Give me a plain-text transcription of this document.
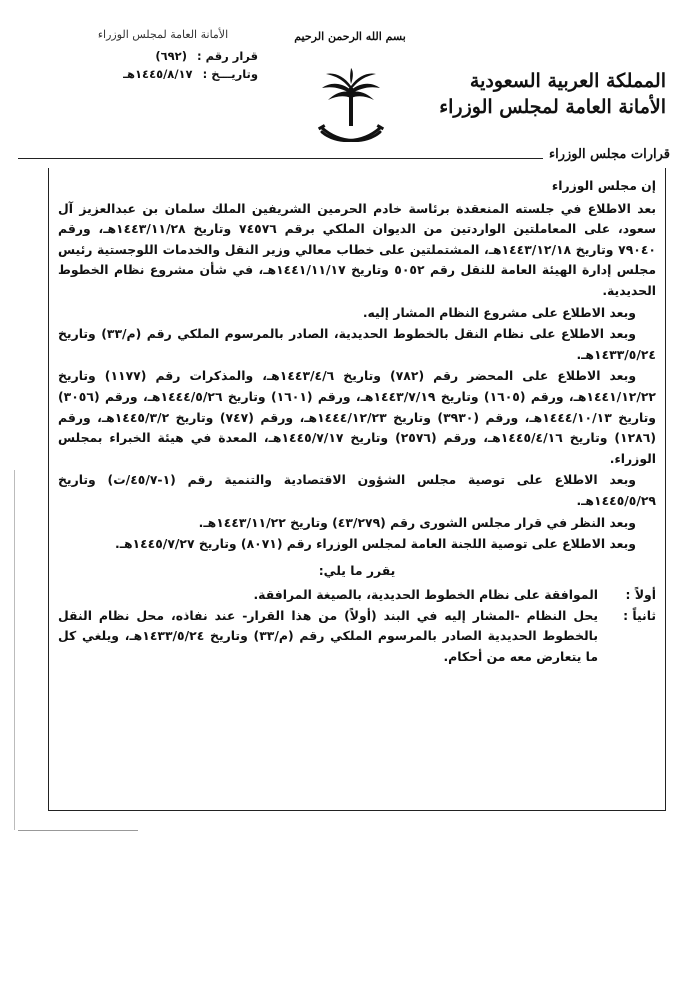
الأمانة العامة لمجلس الوزراء
قرار رقم : (٦٩٢)
وتاريـــخ : ١٤٤٥/٨/١٧هـ
بسم الله الرحمن الرحيم
المملكة العربية السعودية
الأمانة العامة لمجلس الوزراء
قرارات مجلس الوزراء

إن مجلس الوزراء

بعد الاطلاع في جلسته المنعقدة برئاسة خادم الحرمين الشريفين الملك سلمان بن عبدالعزيز آل سعود، على المعاملتين الواردتين من الديوان الملكي برقم ٧٤٥٧٦ وتاريخ ١٤٤٣/١١/٢٨هـ، ورقم ٧٩٠٤٠ وتاريخ ١٤٤٣/١٢/١٨هـ، المشتملتين على خطاب معالي وزير النقل والخدمات اللوجستية رئيس مجلس إدارة الهيئة العامة للنقل رقم ٥٠٥٢ وتاريخ ١٤٤١/١١/١٧هـ، في شأن مشروع نظام الخطوط الحديدية.

وبعد الاطلاع على مشروع النظام المشار إليه.

وبعد الاطلاع على نظام النقل بالخطوط الحديدية، الصادر بالمرسوم الملكي رقم (م/٣٣) وتاريخ ١٤٣٣/٥/٢٤هـ.

وبعد الاطلاع على المحضر رقم (٧٨٢) وتاريخ ١٤٤٣/٤/٦هـ، والمذكرات رقم (١١٧٧) وتاريخ ١٤٤١/١٢/٢٢هـ، ورقم (١٦٠٥) وتاريخ ١٤٤٣/٧/١٩هـ، ورقم (١٦٠١) وتاريخ ١٤٤٤/٥/٢٦هـ، ورقم (٣٠٥٦) وتاريخ ١٤٤٤/١٠/١٣هـ، ورقم (٣٩٣٠) وتاريخ ١٤٤٤/١٢/٢٣هـ، ورقم (٧٤٧) وتاريخ ١٤٤٥/٣/٢هـ، ورقم (١٢٨٦) وتاريخ ١٤٤٥/٤/١٦هـ، ورقم (٢٥٧٦) وتاريخ ١٤٤٥/٧/١٧هـ، المعدة في هيئة الخبراء بمجلس الوزراء.

وبعد الاطلاع على توصية مجلس الشؤون الاقتصادية والتنمية رقم (١-٤٥/٧/ت) وتاريخ ١٤٤٥/٥/٢٩هـ.

وبعد النظر في قرار مجلس الشورى رقم (٤٣/٢٧٩) وتاريخ ١٤٤٣/١١/٢٢هـ.

وبعد الاطلاع على توصية اللجنة العامة لمجلس الوزراء رقم (٨٠٧١) وتاريخ ١٤٤٥/٧/٢٧هـ.

يقرر ما يلي:

أولاً :
الموافقة على نظام الخطوط الحديدية، بالصيغة المرافقة.
ثانياً :
يحل النظام -المشار إليه في البند (أولاً) من هذا القرار- عند نفاذه، محل نظام النقل بالخطوط الحديدية الصادر بالمرسوم الملكي رقم (م/٣٣) وتاريخ ١٤٣٣/٥/٢٤هـ، ويلغي كل ما يتعارض معه من أحكام.
